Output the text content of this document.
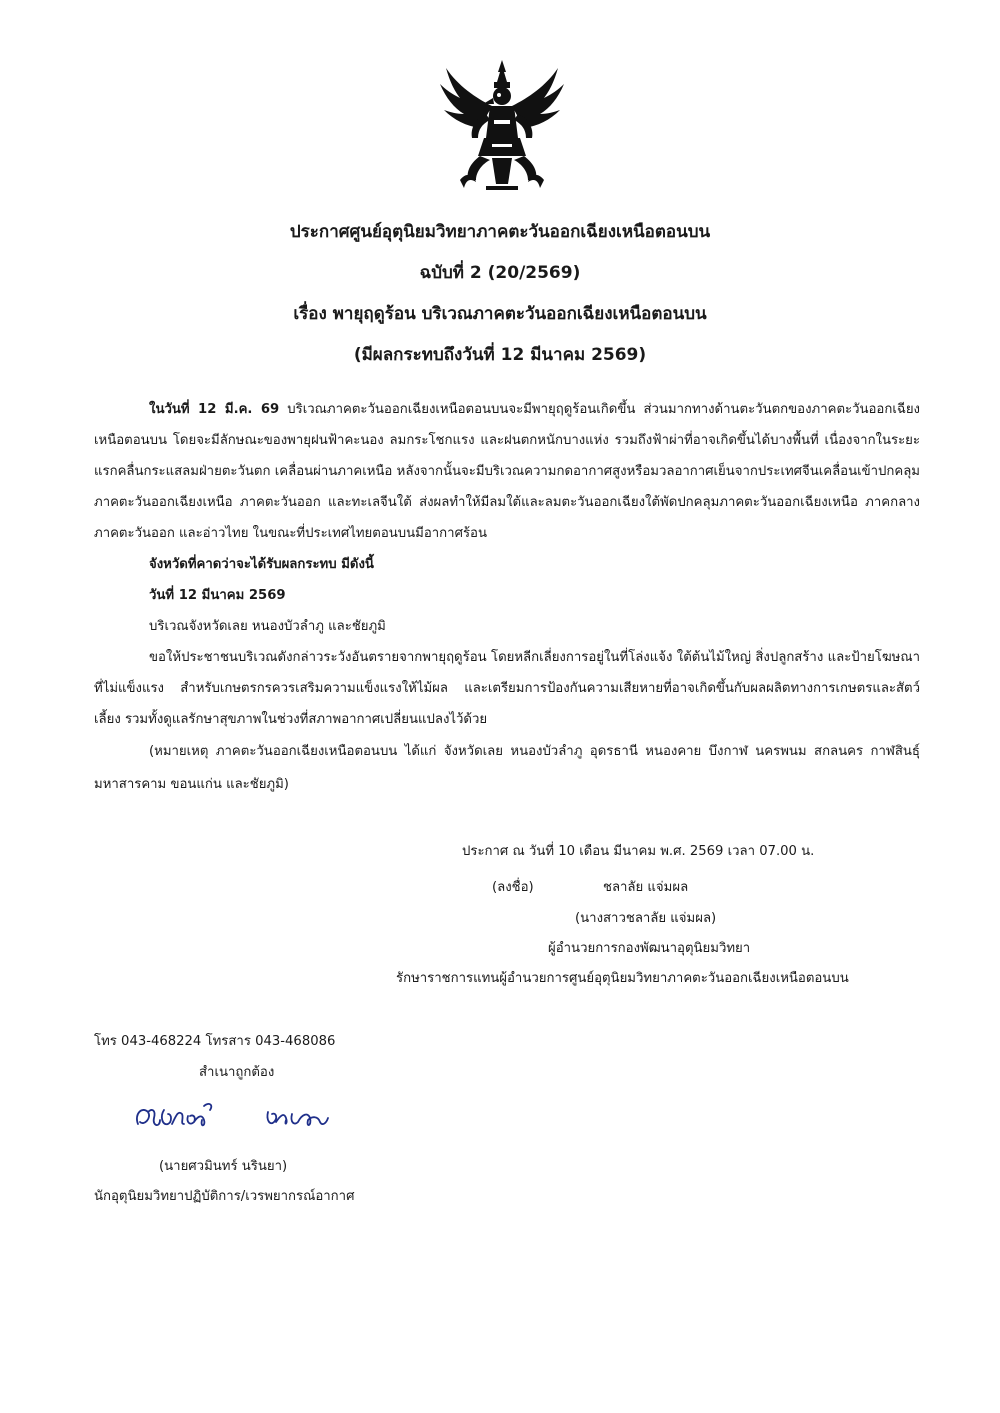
ประกาศศูนย์อุตุนิยมวิทยาภาคตะวันออกเฉียงเหนือตอนบน
ฉบับที่ 2 (20/2569)
เรื่อง พายุฤดูร้อน บริเวณภาคตะวันออกเฉียงเหนือตอนบน
(มีผลกระทบถึงวันที่ 12 มีนาคม 2569)

ในวันที่ 12 มี.ค. 69 บริเวณภาคตะวันออกเฉียงเหนือตอนบนจะมีพายุฤดูร้อนเกิดขึ้น ส่วนมากทางด้านตะวันตกของภาคตะวันออกเฉียงเหนือตอนบน โดยจะมีลักษณะของพายุฝนฟ้าคะนอง ลมกระโชกแรง และฝนตกหนักบางแห่ง รวมถึงฟ้าผ่าที่อาจเกิดขึ้นได้บางพื้นที่ เนื่องจากในระยะแรกคลื่นกระแสลมฝ่ายตะวันตก เคลื่อนผ่านภาคเหนือ หลังจากนั้นจะมีบริเวณความกดอากาศสูงหรือมวลอากาศเย็นจากประเทศจีนเคลื่อนเข้าปกคลุมภาคตะวันออกเฉียงเหนือ ภาคตะวันออก และทะเลจีนใต้ ส่งผลทำให้มีลมใต้และลมตะวันออกเฉียงใต้พัดปกคลุมภาคตะวันออกเฉียงเหนือ ภาคกลาง ภาคตะวันออก และอ่าวไทย ในขณะที่ประเทศไทยตอนบนมีอากาศร้อน

จังหวัดที่คาดว่าจะได้รับผลกระทบ มีดังนี้
วันที่ 12 มีนาคม 2569
บริเวณจังหวัดเลย หนองบัวลำภู และชัยภูมิ

ขอให้ประชาชนบริเวณดังกล่าวระวังอันตรายจากพายุฤดูร้อน โดยหลีกเลี่ยงการอยู่ในที่โล่งแจ้ง ใต้ต้นไม้ใหญ่ สิ่งปลูกสร้าง และป้ายโฆษณาที่ไม่แข็งแรง สำหรับเกษตรกรควรเสริมความแข็งแรงให้ไม้ผล และเตรียมการป้องกันความเสียหายที่อาจเกิดขึ้นกับผลผลิตทางการเกษตรและสัตว์เลี้ยง รวมทั้งดูแลรักษาสุขภาพในช่วงที่สภาพอากาศเปลี่ยนแปลงไว้ด้วย

(หมายเหตุ ภาคตะวันออกเฉียงเหนือตอนบน ได้แก่ จังหวัดเลย หนองบัวลำภู อุดรธานี หนองคาย บึงกาฬ นครพนม สกลนคร กาฬสินธุ์ มหาสารคาม ขอนแก่น และชัยภูมิ)

ประกาศ ณ วันที่ 10 เดือน มีนาคม พ.ศ. 2569 เวลา 07.00 น.
(ลงชื่อ)	ชลาลัย แจ่มผล
(นางสาวชลาลัย แจ่มผล)
ผู้อำนวยการกองพัฒนาอุตุนิยมวิทยา
รักษาราชการแทนผู้อำนวยการศูนย์อุตุนิยมวิทยาภาคตะวันออกเฉียงเหนือตอนบน
โทร 043-468224 โทรสาร 043-468086
สำเนาถูกต้อง
(นายศวมินทร์ นรินยา)
นักอุตุนิยมวิทยาปฏิบัติการ/เวรพยากรณ์อากาศ
